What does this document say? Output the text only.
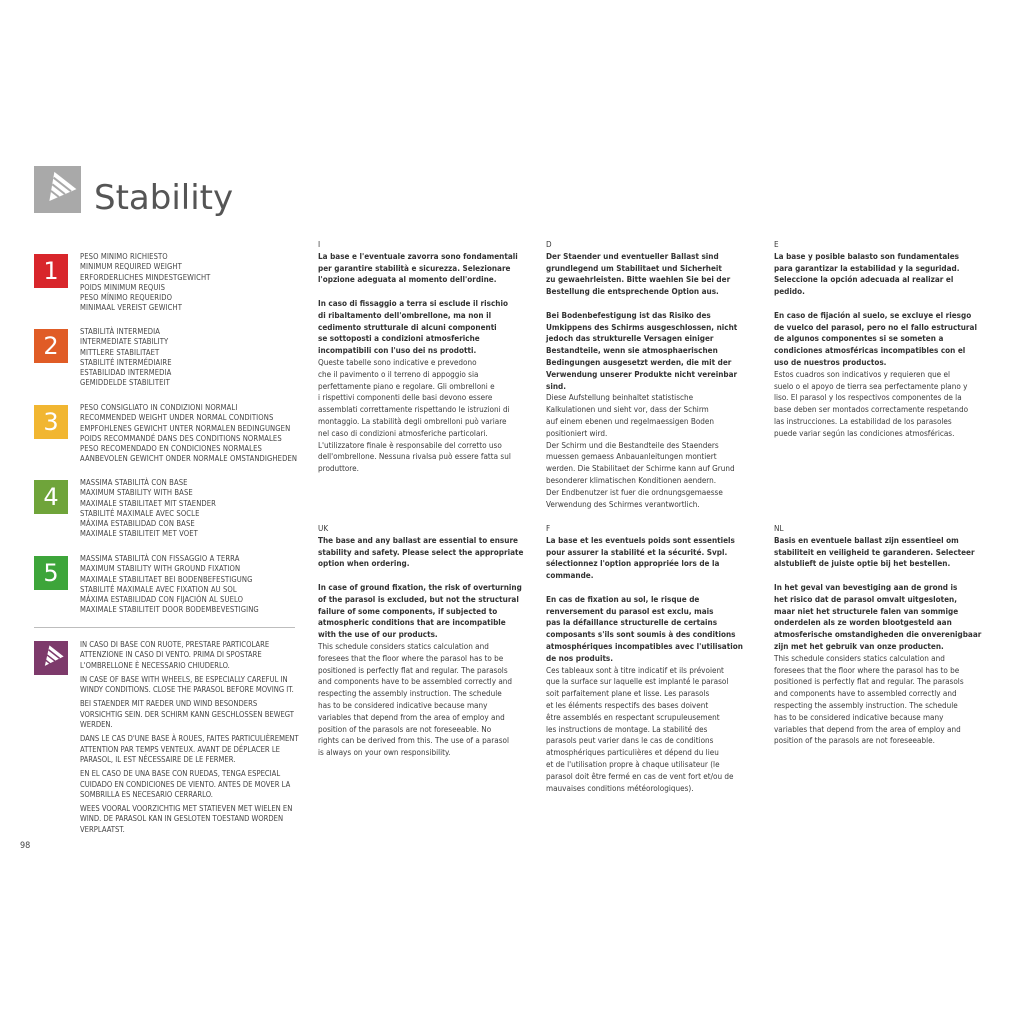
Stability
1
PESO MINIMO RICHIESTO
MINIMUM REQUIRED WEIGHT
ERFORDERLICHES MINDESTGEWICHT
POIDS MINIMUM REQUIS
PESO MÍNIMO REQUERIDO
MINIMAAL VEREIST GEWICHT
2
STABILITÀ INTERMEDIA
INTERMEDIATE STABILITY
MITTLERE STABILITAET
STABILITÉ INTERMÉDIAIRE
ESTABILIDAD INTERMEDIA
GEMIDDELDE STABILITEIT
3
PESO CONSIGLIATO IN CONDIZIONI NORMALI
RECOMMENDED WEIGHT UNDER NORMAL CONDITIONS
EMPFOHLENES GEWICHT UNTER NORMALEN BEDINGUNGEN
POIDS RECOMMANDÉ DANS DES CONDITIONS NORMALES
PESO RECOMENDADO EN CONDICIONES NORMALES
AANBEVOLEN GEWICHT ONDER NORMALE OMSTANDIGHEDEN
4
MASSIMA STABILITÀ CON BASE
MAXIMUM STABILITY WITH BASE
MAXIMALE STABILITAET MIT STAENDER
STABILITÉ MAXIMALE AVEC SOCLE
MÁXIMA ESTABILIDAD CON BASE
MAXIMALE STABILITEIT MET VOET
5
MASSIMA STABILITÀ CON FISSAGGIO A TERRA
MAXIMUM STABILITY WITH GROUND FIXATION
MAXIMALE STABILITAET BEI BODENBEFESTIGUNG
STABILITÉ MAXIMALE AVEC FIXATION AU SOL
MÁXIMA ESTABILIDAD CON FIJACIÓN AL SUELO
MAXIMALE STABILITEIT DOOR BODEMBEVESTIGING

IN CASO DI BASE CON RUOTE, PRESTARE PARTICOLARE ATTENZIONE IN CASO DI VENTO. PRIMA DI SPOSTARE L'OMBRELLONE È NECESSARIO CHIUDERLO.

IN CASE OF BASE WITH WHEELS, BE ESPECIALLY CAREFUL IN WINDY CONDITIONS. CLOSE THE PARASOL BEFORE MOVING IT.

BEI STAENDER MIT RAEDER UND WIND BESONDERS VORSICHTIG SEIN. DER SCHIRM KANN GESCHLOSSEN BEWEGT WERDEN.

DANS LE CAS D'UNE BASE À ROUES, FAITES PARTICULIÈREMENT ATTENTION PAR TEMPS VENTEUX. AVANT DE DÉPLACER LE PARASOL, IL EST NÉCESSAIRE DE LE FERMER.

EN EL CASO DE UNA BASE CON RUEDAS, TENGA ESPECIAL CUIDADO EN CONDICIONES DE VIENTO. ANTES DE MOVER LA SOMBRILLA ES NECESARIO CERRARLO.

WEES VOORAL VOORZICHTIG MET STATIEVEN MET WIELEN EN WIND. DE PARASOL KAN IN GESLOTEN TOESTAND WORDEN VERPLAATST.

98
I
La base e l'eventuale zavorra sono fondamentali
per garantire stabilità e sicurezza. Selezionare
l'opzione adeguata al momento dell'ordine.
In caso di fissaggio a terra si esclude il rischio
di ribaltamento dell'ombrellone, ma non il
cedimento strutturale di alcuni componenti
se sottoposti a condizioni atmosferiche
incompatibili con l'uso dei ns prodotti.
Queste tabelle sono indicative e prevedono
che il pavimento o il terreno di appoggio sia
perfettamente piano e regolare. Gli ombrelloni e
i rispettivi componenti delle basi devono essere
assemblati correttamente rispettando le istruzioni di
montaggio. La stabilità degli ombrelloni può variare
nel caso di condizioni atmosferiche particolari.
L'utilizzatore finale è responsabile del corretto uso
dell'ombrellone. Nessuna rivalsa può essere fatta sul
produttore.
D
Der Staender und eventueller Ballast sind
grundlegend um Stabilitaet und Sicherheit
zu gewaehrleisten. Bitte waehlen Sie bei der
Bestellung die entsprechende Option aus.
Bei Bodenbefestigung ist das Risiko des
Umkippens des Schirms ausgeschlossen, nicht
jedoch das strukturelle Versagen einiger
Bestandteile, wenn sie atmosphaerischen
Bedingungen ausgesetzt werden, die mit der
Verwendung unserer Produkte nicht vereinbar
sind.
Diese Aufstellung beinhaltet statistische
Kalkulationen und sieht vor, dass der Schirm
auf einem ebenen und regelmaessigen Boden
positioniert wird.
Der Schirm und die Bestandteile des Staenders
muessen gemaess Anbauanleitungen montiert
werden. Die Stabilitaet der Schirme kann auf Grund
besonderer klimatischen Konditionen aendern.
Der Endbenutzer ist fuer die ordnungsgemaesse
Verwendung des Schirmes verantwortlich.
E
La base y posible balasto son fundamentales
para garantizar la estabilidad y la seguridad.
Seleccione la opción adecuada al realizar el
pedido.
En caso de fijación al suelo, se excluye el riesgo
de vuelco del parasol, pero no el fallo estructural
de algunos componentes si se someten a
condiciones atmosféricas incompatibles con el
uso de nuestros productos.
Estos cuadros son indicativos y requieren que el
suelo o el apoyo de tierra sea perfectamente plano y
liso. El parasol y los respectivos componentes de la
base deben ser montados correctamente respetando
las instrucciones. La estabilidad de los parasoles
puede variar según las condiciones atmosféricas.
UK
The base and any ballast are essential to ensure
stability and safety. Please select the appropriate
option when ordering.
In case of ground fixation, the risk of overturning
of the parasol is excluded, but not the structural
failure of some components, if subjected to
atmospheric conditions that are incompatible
with the use of our products.
This schedule considers statics calculation and
foresees that the floor where the parasol has to be
positioned is perfectly flat and regular. The parasols
and components have to be assembled correctly and
respecting the assembly instruction. The schedule
has to be considered indicative because many
variables that depend from the area of employ and
position of the parasols are not foreseeable. No
rights can be derived from this. The use of a parasol
is always on your own responsibility.
F
La base et les eventuels poids sont essentiels
pour assurer la stabilité et la sécurité. Svpl.
sélectionnez l'option appropriée lors de la
commande.
En cas de fixation au sol, le risque de
renversement du parasol est exclu, mais
pas la défaillance structurelle de certains
composants s'ils sont soumis à des conditions
atmosphériques incompatibles avec l'utilisation
de nos produits.
Ces tableaux sont à titre indicatif et ils prévoient
que la surface sur laquelle est implanté le parasol
soit parfaitement plane et lisse. Les parasols
et les éléments respectifs des bases doivent
être assemblés en respectant scrupuleusement
les instructions de montage. La stabilité des
parasols peut varier dans le cas de conditions
atmosphériques particulières et dépend du lieu
et de l'utilisation propre à chaque utilisateur (le
parasol doit être fermé en cas de vent fort et/ou de
mauvaises conditions météorologiques).
NL
Basis en eventuele ballast zijn essentieel om
stabiliteit en veiligheid te garanderen. Selecteer
alstublieft de juiste optie bij het bestellen.
In het geval van bevestiging aan de grond is
het risico dat de parasol omvalt uitgesloten,
maar niet het structurele falen van sommige
onderdelen als ze worden blootgesteld aan
atmosferische omstandigheden die onverenigbaar
zijn met het gebruik van onze producten.
This schedule considers statics calculation and
foresees that the floor where the parasol has to be
positioned is perfectly flat and regular. The parasols
and components have to assembled correctly and
respecting the assembly instruction. The schedule
has to be considered indicative because many
variables that depend from the area of employ and
position of the parasols are not foreseeable.
